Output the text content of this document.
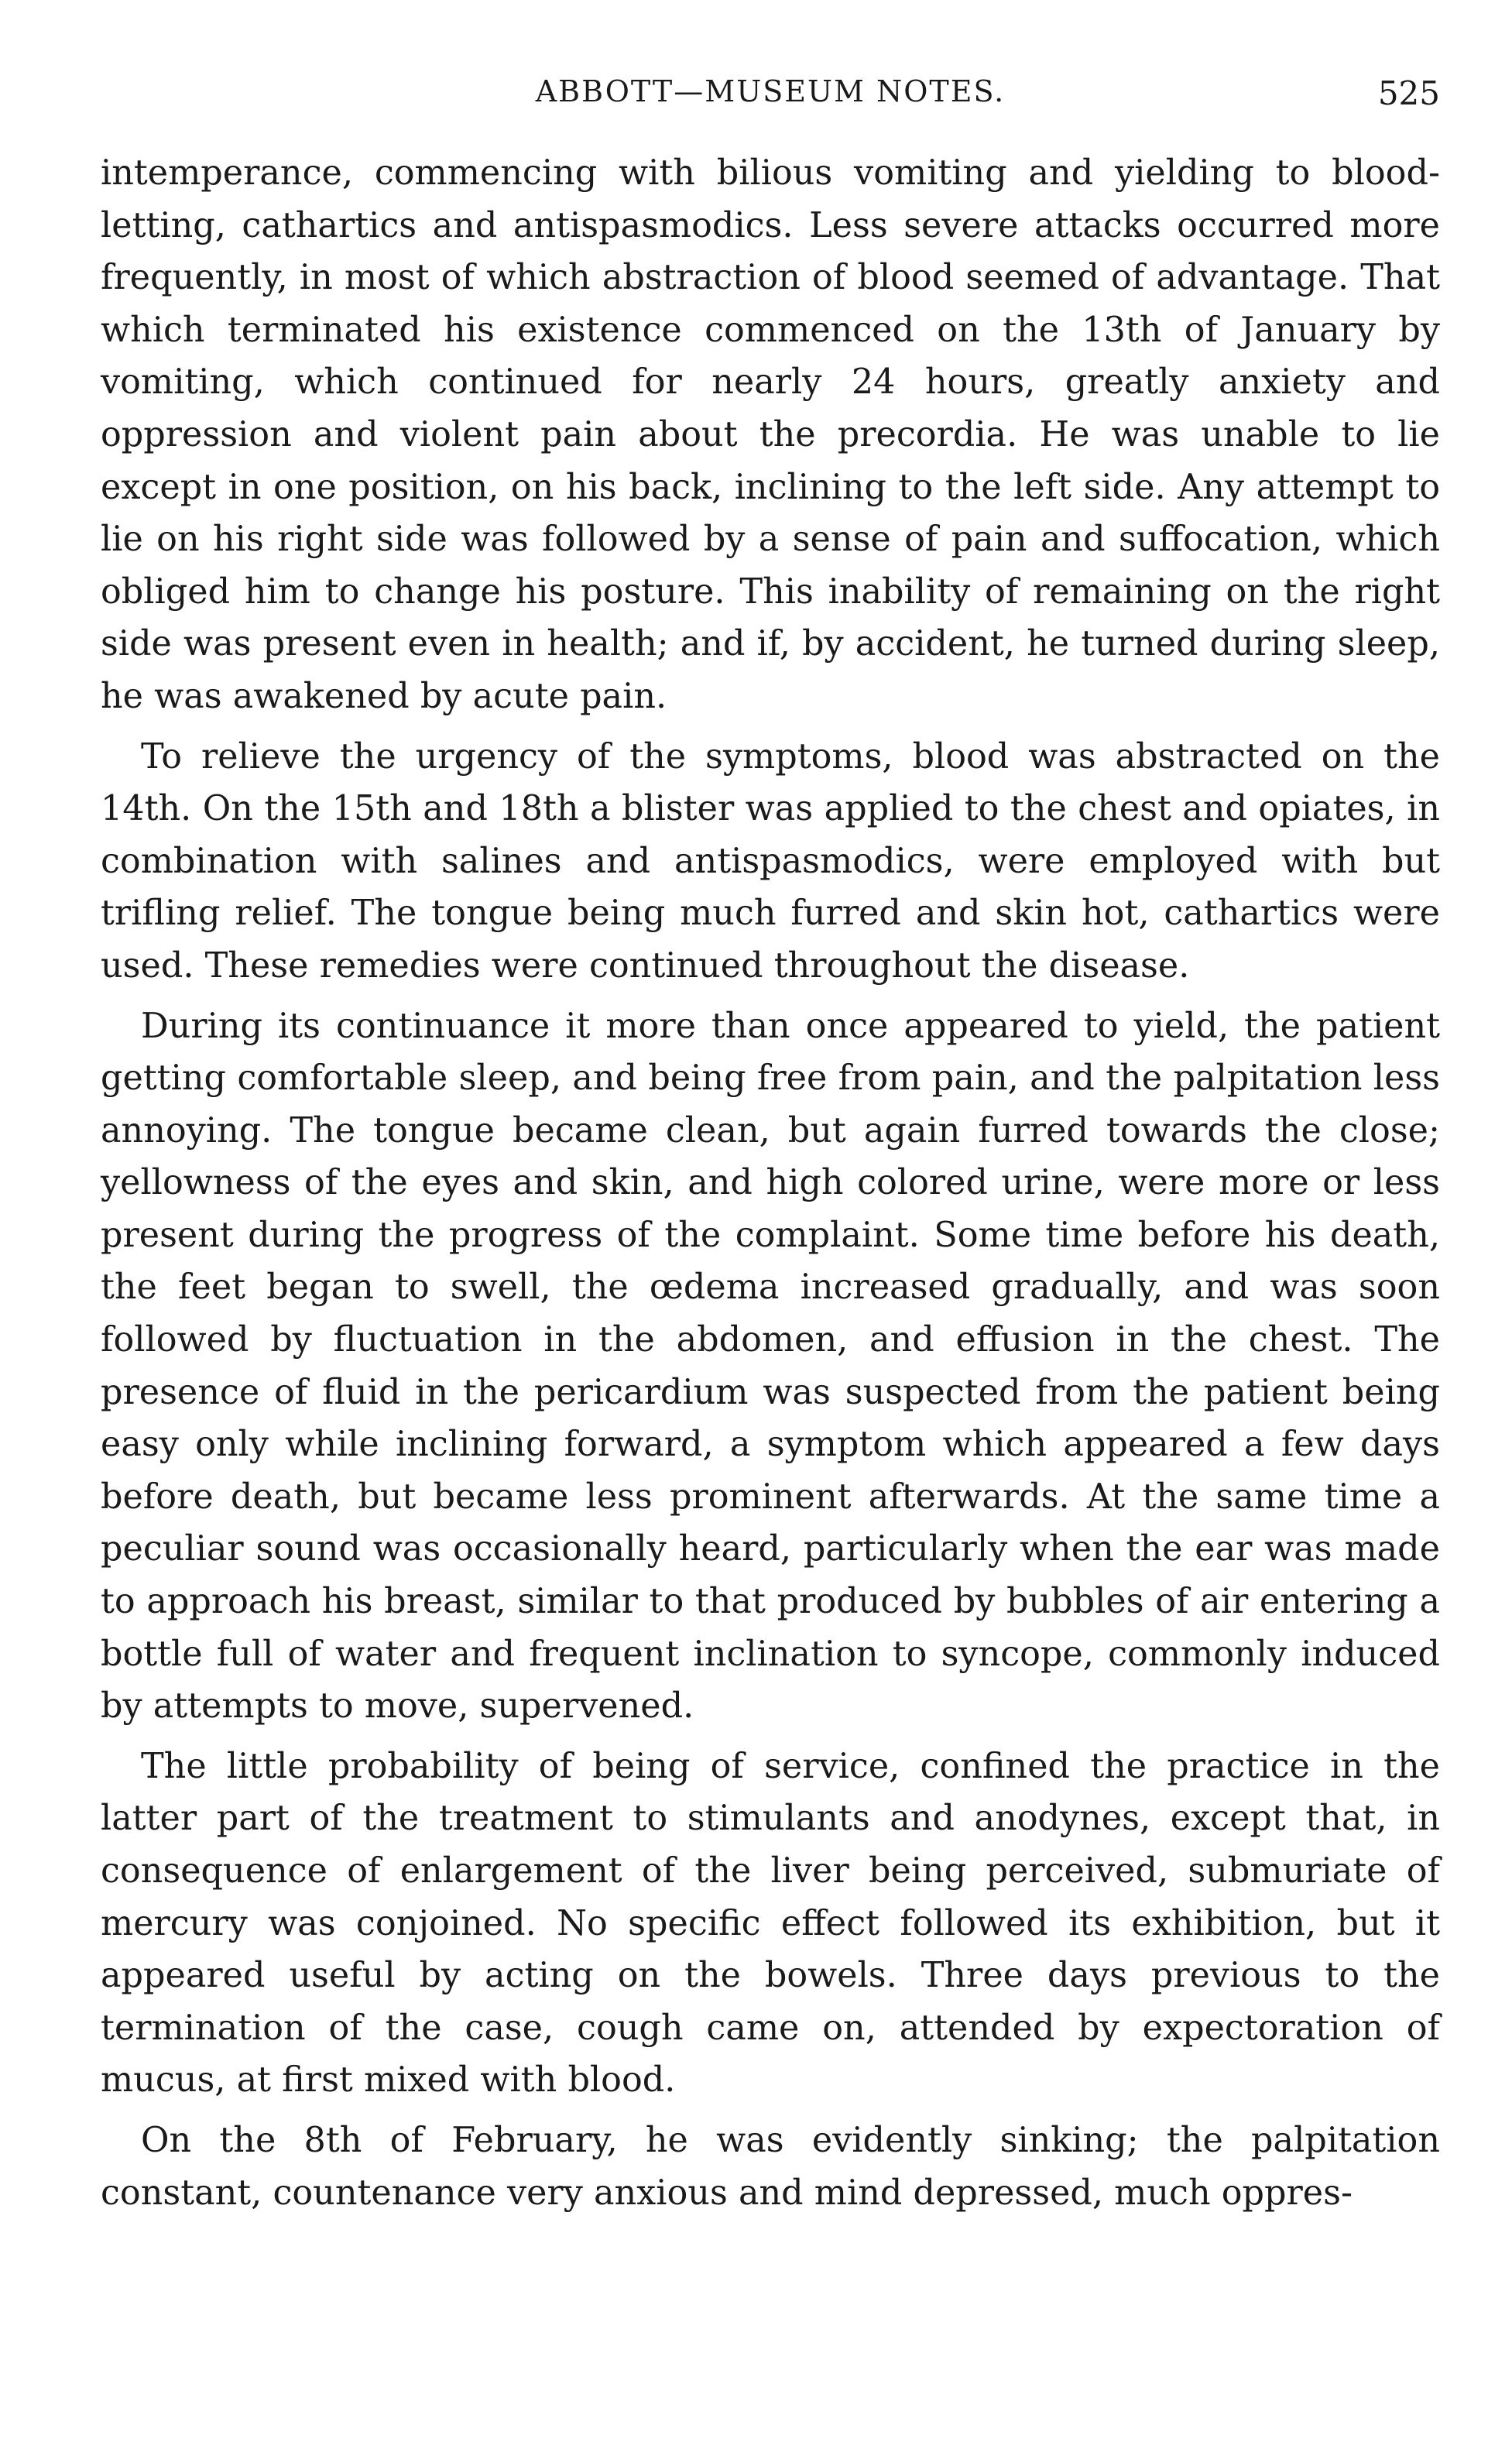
ABBOTT—MUSEUM NOTES.	525

intemperance, commencing with bilious vomiting and yielding to blood-letting, cathartics and antispasmodics. Less severe attacks occurred more frequently, in most of which abstraction of blood seemed of advantage. That which terminated his existence commenced on the 13th of January by vomiting, which continued for nearly 24 hours, greatly anxiety and oppression and violent pain about the precordia. He was unable to lie except in one position, on his back, inclining to the left side. Any attempt to lie on his right side was followed by a sense of pain and suffocation, which obliged him to change his posture. This inability of remaining on the right side was present even in health; and if, by accident, he turned during sleep, he was awakened by acute pain.

To relieve the urgency of the symptoms, blood was abstracted on the 14th. On the 15th and 18th a blister was applied to the chest and opiates, in combination with salines and antispasmodics, were employed with but trifling relief. The tongue being much furred and skin hot, cathartics were used. These remedies were continued throughout the disease.

During its continuance it more than once appeared to yield, the patient getting comfortable sleep, and being free from pain, and the palpitation less annoying. The tongue became clean, but again furred towards the close; yellowness of the eyes and skin, and high colored urine, were more or less present during the progress of the complaint. Some time before his death, the feet began to swell, the œdema increased gradually, and was soon followed by fluctuation in the abdomen, and effusion in the chest. The presence of fluid in the pericardium was suspected from the patient being easy only while inclining forward, a symptom which appeared a few days before death, but became less prominent afterwards. At the same time a peculiar sound was occasionally heard, particularly when the ear was made to approach his breast, similar to that produced by bubbles of air entering a bottle full of water and frequent inclination to syncope, commonly induced by attempts to move, supervened.

The little probability of being of service, confined the practice in the latter part of the treatment to stimulants and anodynes, except that, in consequence of enlargement of the liver being perceived, submuriate of mercury was conjoined. No specific effect followed its exhibition, but it appeared useful by acting on the bowels. Three days previous to the termination of the case, cough came on, attended by expectoration of mucus, at first mixed with blood.

On the 8th of February, he was evidently sinking; the palpitation constant, countenance very anxious and mind depressed, much oppres-
